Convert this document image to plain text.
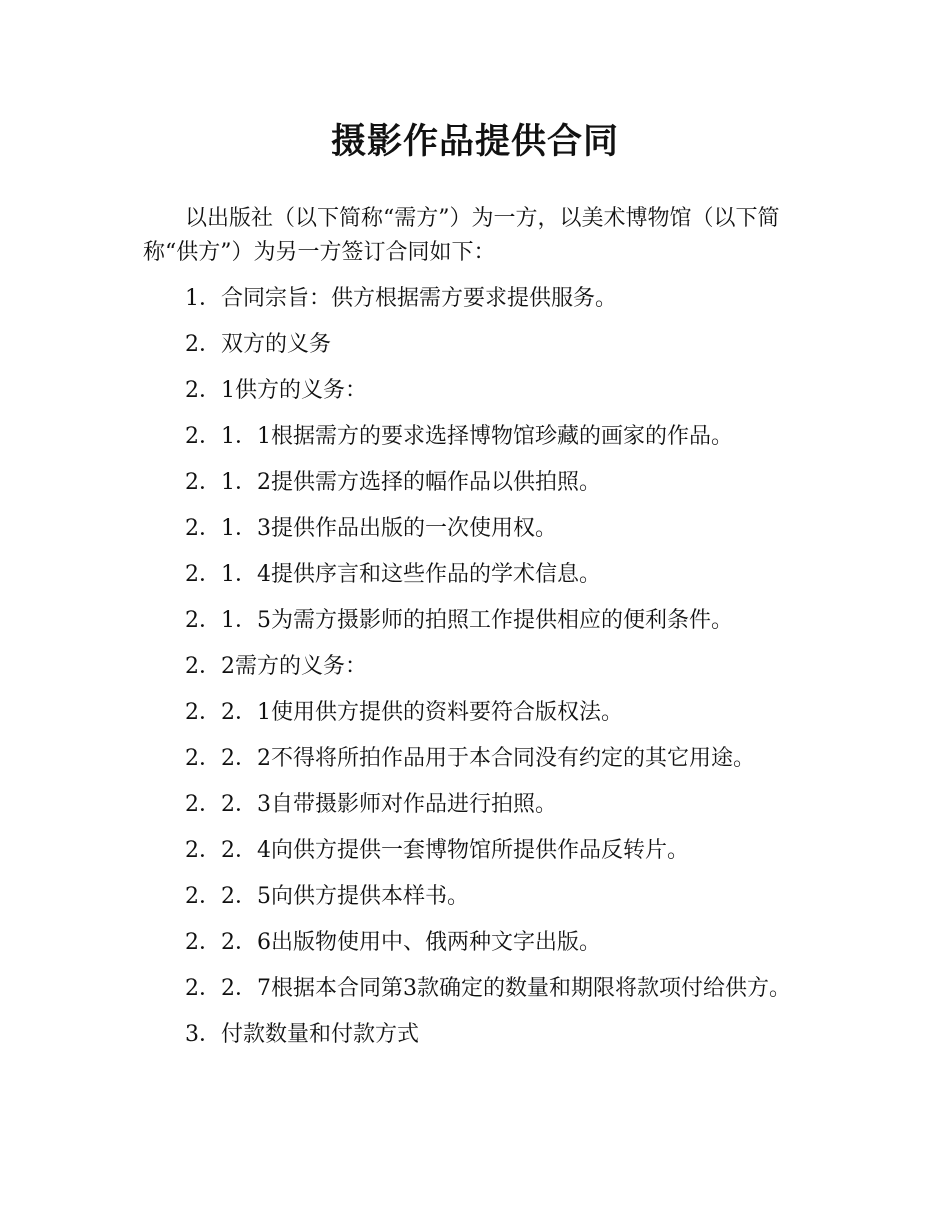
摄影作品提供合同

以出版社（以下简称“需方”）为一方，以美术博物馆（以下简称“供方”）为另一方签订合同如下：

1．合同宗旨：供方根据需方要求提供服务。

2．双方的义务

2．1供方的义务：

2．1．1根据需方的要求选择博物馆珍藏的画家的作品。

2．1．2提供需方选择的幅作品以供拍照。

2．1．3提供作品出版的一次使用权。

2．1．4提供序言和这些作品的学术信息。

2．1．5为需方摄影师的拍照工作提供相应的便利条件。

2．2需方的义务：

2．2．1使用供方提供的资料要符合版权法。

2．2．2不得将所拍作品用于本合同没有约定的其它用途。

2．2．3自带摄影师对作品进行拍照。

2．2．4向供方提供一套博物馆所提供作品反转片。

2．2．5向供方提供本样书。

2．2．6出版物使用中、俄两种文字出版。

2．2．7根据本合同第3款确定的数量和期限将款项付给供方。

3．付款数量和付款方式
